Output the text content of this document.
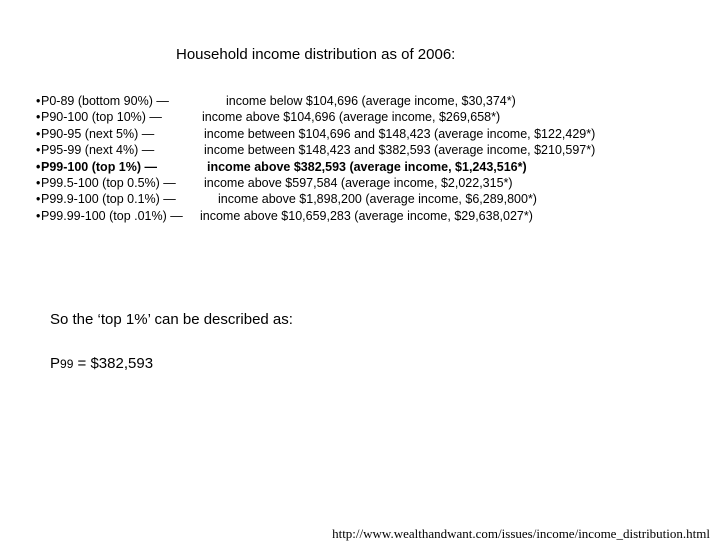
Household income distribution as of 2006:
• P0-89 (bottom 90%) —	income below $104,696 (average income, $30,374*)
• P90-100 (top 10%) —	income above $104,696 (average income, $269,658*)
• P90-95 (next 5%) —	income between $104,696 and $148,423 (average income, $122,429*)
• P95-99 (next 4%) —	income between $148,423 and $382,593 (average income, $210,597*)
• P99-100 (top 1%) —	income above $382,593 (average income, $1,243,516*)
• P99.5-100 (top 0.5%) — income above $597,584 (average income, $2,022,315*)
• P99.9-100 (top 0.1%) —	income above $1,898,200 (average income, $6,289,800*)
• P99.99-100 (top .01%) — income above $10,659,283 (average income, $29,638,027*)
So the ‘top 1%’ can be described as:
P99 = $382,593
http://www.wealthandwant.com/issues/income/income_distribution.html
